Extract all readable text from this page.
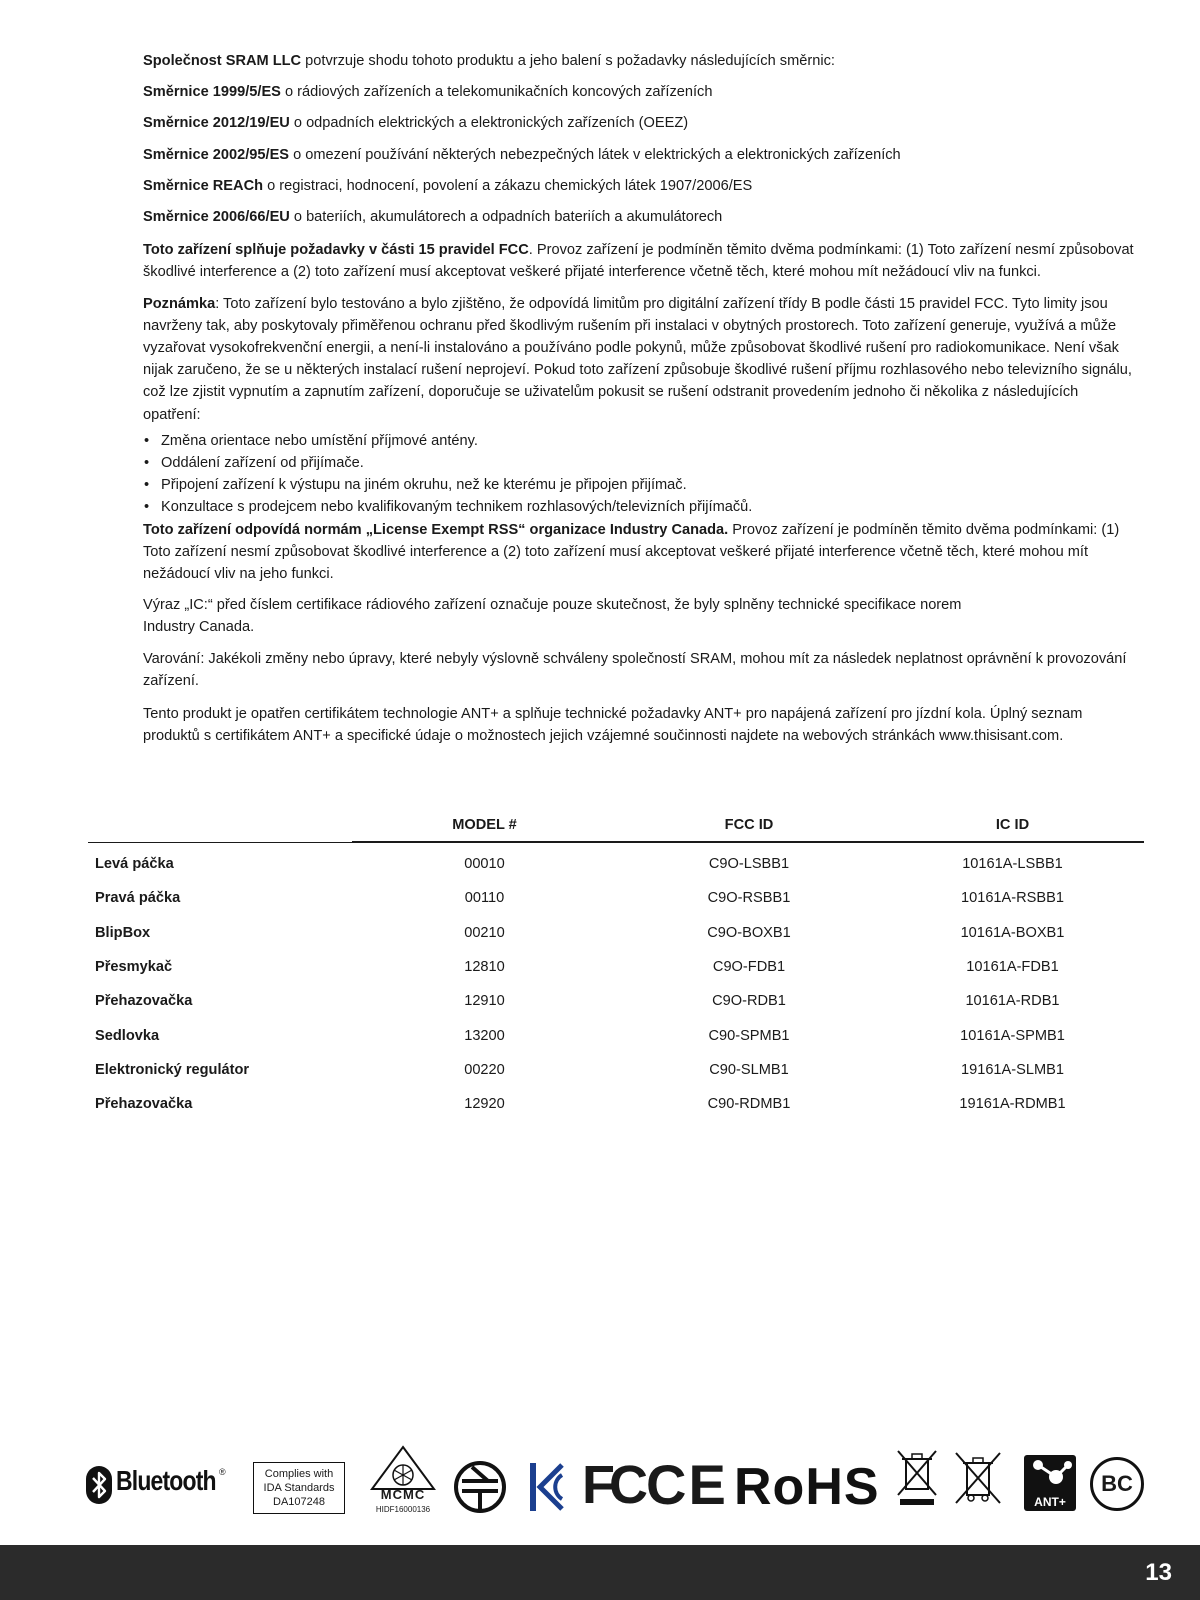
Společnost SRAM LLC potvrzuje shodu tohoto produktu a jeho balení s požadavky následujících směrnic:

Směrnice 1999/5/ES o rádiových zařízeních a telekomunikačních koncových zařízeních

Směrnice 2012/19/EU o odpadních elektrických a elektronických zařízeních (OEEZ)

Směrnice 2002/95/ES o omezení používání některých nebezpečných látek v elektrických a elektronických zařízeních

Směrnice REACh o registraci, hodnocení, povolení a zákazu chemických látek 1907/2006/ES

Směrnice 2006/66/EU o bateriích, akumulátorech a odpadních bateriích a akumulátorech

Toto zařízení splňuje požadavky v části 15 pravidel FCC. Provoz zařízení je podmíněn těmito dvěma podmínkami: (1) Toto zařízení nesmí způsobovat škodlivé interference a (2) toto zařízení musí akceptovat veškeré přijaté interference včetně těch, které mohou mít nežádoucí vliv na funkci.

Poznámka: Toto zařízení bylo testováno a bylo zjištěno, že odpovídá limitům pro digitální zařízení třídy B podle části 15 pravidel FCC. Tyto limity jsou navrženy tak, aby poskytovaly přiměřenou ochranu před škodlivým rušením při instalaci v obytných prostorech. Toto zařízení generuje, využívá a může vyzařovat vysokofrekvenční energii, a není-li instalováno a používáno podle pokynů, může způsobovat škodlivé rušení pro radiokomunikace. Není však nijak zaručeno, že se u některých instalací rušení neprojeví. Pokud toto zařízení způsobuje škodlivé rušení příjmu rozhlasového nebo televizního signálu, což lze zjistit vypnutím a zapnutím zařízení, doporučuje se uživatelům pokusit se rušení odstranit provedením jednoho či několika z následujících opatření:

• Změna orientace nebo umístění příjmové antény.
• Oddálení zařízení od přijímače.
• Připojení zařízení k výstupu na jiném okruhu, než ke kterému je připojen přijímač.
• Konzultace s prodejcem nebo kvalifikovaným technikem rozhlasových/televizních přijímačů.

Toto zařízení odpovídá normám „License Exempt RSS“ organizace Industry Canada. Provoz zařízení je podmíněn těmito dvěma podmínkami: (1) Toto zařízení nesmí způsobovat škodlivé interference a (2) toto zařízení musí akceptovat veškeré přijaté interference včetně těch, které mohou mít nežádoucí vliv na jeho funkci.

Výraz „IC:“ před číslem certifikace rádiového zařízení označuje pouze skutečnost, že byly splněny technické specifikace norem
Industry Canada.

Varování: Jakékoli změny nebo úpravy, které nebyly výslovně schváleny společností SRAM, mohou mít za následek neplatnost oprávnění k provozování zařízení.

Tento produkt je opatřen certifikátem technologie ANT+ a splňuje technické požadavky ANT+ pro napájená zařízení pro jízdní kola. Úplný seznam produktů s certifikátem ANT+ a specifické údaje o možnostech jejich vzájemné součinnosti najdete na webových stránkách www.​thisisant.com.

	MODEL #	FCC ID	IC ID
Levá páčka	00010	C9O-LSBB1	10161A-LSBB1
Pravá páčka	00110	C9O-RSBB1	10161A-RSBB1
BlipBox	00210	C9O-BOXB1	10161A-BOXB1
Přesmykač	12810	C9O-FDB1	10161A-FDB1
Přehazovačka	12910	C9O-RDB1	10161A-RDB1
Sedlovka	13200	C90-SPMB1	10161A-SPMB1
Elektronický regulátor	00220	C90-SLMB1	19161A-SLMB1
Přehazovačka	12920	C90-RDMB1	19161A-RDMB1
Bluetooth ®	Complies with
IDA Standards
DA107248	MCMC
HIDF16000136	FC CE RoHS	ANT+
BC
13
